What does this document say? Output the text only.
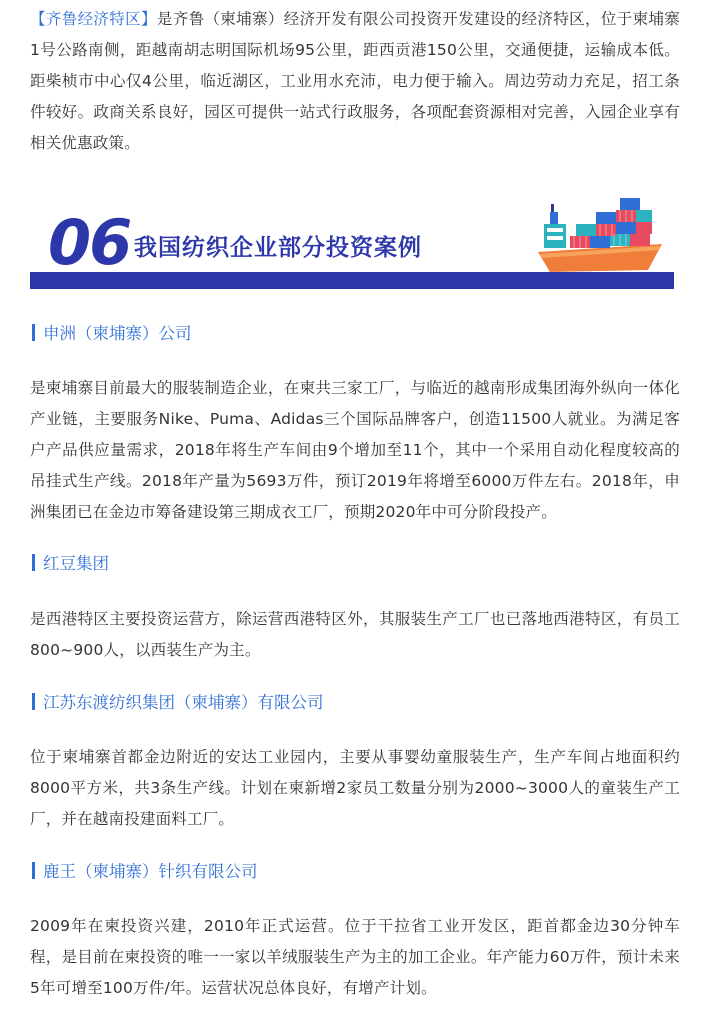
【齐鲁经济特区】是齐鲁（柬埔寨）经济开发有限公司投资开发建设的经济特区，位于柬埔寨1号公路南侧，距越南胡志明国际机场95公里，距西贡港150公里，交通便捷，运输成本低。距柴桢市中心仅4公里，临近湖区，工业用水充沛，电力便于输入。周边劳动力充足，招工条件较好。政商关系良好，园区可提供一站式行政服务，各项配套资源相对完善，入园企业享有相关优惠政策。

06 我国纺织企业部分投资案例

申洲（柬埔寨）公司

是柬埔寨目前最大的服装制造企业，在柬共三家工厂，与临近的越南形成集团海外纵向一体化产业链，主要服务Nike、Puma、Adidas三个国际品牌客户，创造11500人就业。为满足客户产品供应量需求，2018年将生产车间由9个增加至11个，其中一个采用自动化程度较高的吊挂式生产线。2018年产量为5693万件，预订2019年将增至6000万件左右。2018年，申洲集团已在金边市筹备建设第三期成衣工厂，预期2020年中可分阶段投产。

红豆集团

是西港特区主要投资运营方，除运营西港特区外，其服装生产工厂也已落地西港特区，有员工800~900人，以西装生产为主。

江苏东渡纺织集团（柬埔寨）有限公司

位于柬埔寨首都金边附近的安达工业园内，主要从事婴幼童服装生产，生产车间占地面积约8000平方米，共3条生产线。计划在柬新增2家员工数量分别为2000~3000人的童装生产工厂，并在越南投建面料工厂。

鹿王（柬埔寨）针织有限公司

2009年在柬投资兴建，2010年正式运营。位于干拉省工业开发区，距首都金边30分钟车程，是目前在柬投资的唯一一家以羊绒服装生产为主的加工企业。年产能力60万件，预计未来5年可增至100万件/年。运营状况总体良好，有增产计划。
